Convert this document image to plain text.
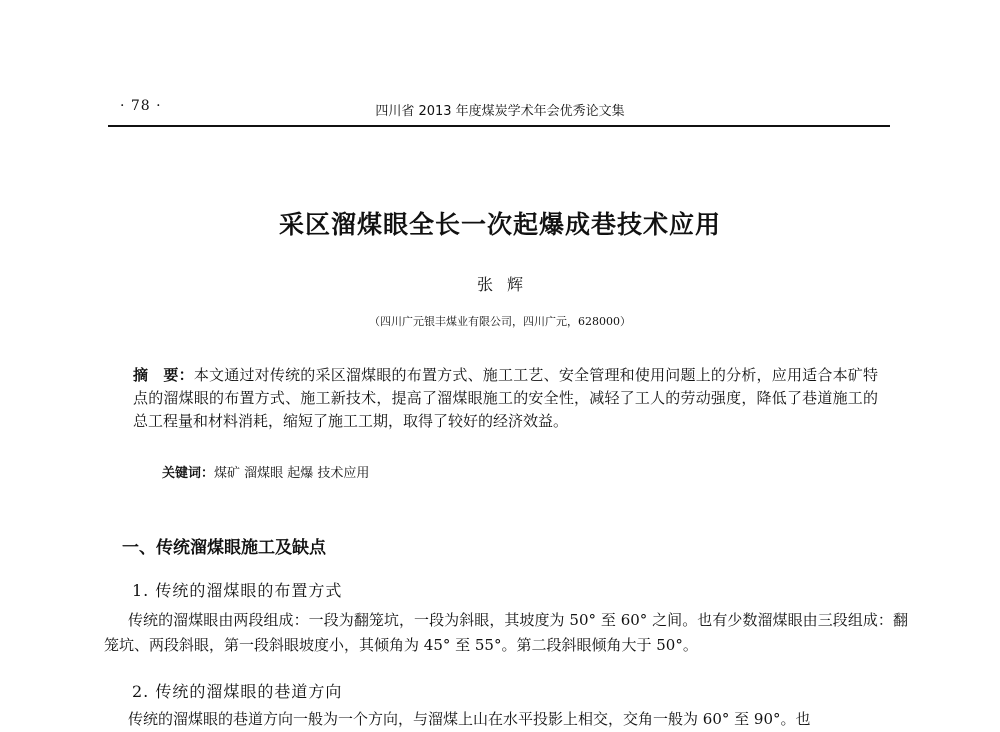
· 78 ·	四川省 2013 年度煤炭学术年会优秀论文集
采区溜煤眼全长一次起爆成巷技术应用
张辉
（四川广元银丰煤业有限公司，四川广元，628000）

摘　要：本文通过对传统的采区溜煤眼的布置方式、施工工艺、安全管理和使用问题上的分析，应用适合本矿特点的溜煤眼的布置方式、施工新技术，提高了溜煤眼施工的安全性，减轻了工人的劳动强度，降低了巷道施工的总工程量和材料消耗，缩短了施工工期，取得了较好的经济效益。

关键词：煤矿 溜煤眼 起爆 技术应用
一、传统溜煤眼施工及缺点
1. 传统的溜煤眼的布置方式
传统的溜煤眼由两段组成：一段为翻笼坑，一段为斜眼，其坡度为 50° 至 60° 之间。也有少数溜煤眼由三段组成：翻笼坑、两段斜眼，第一段斜眼坡度小，其倾角为 45° 至 55°。第二段斜眼倾角大于 50°。
2. 传统的溜煤眼的巷道方向
传统的溜煤眼的巷道方向一般为一个方向，与溜煤上山在水平投影上相交，交角一般为 60° 至 90°。也
